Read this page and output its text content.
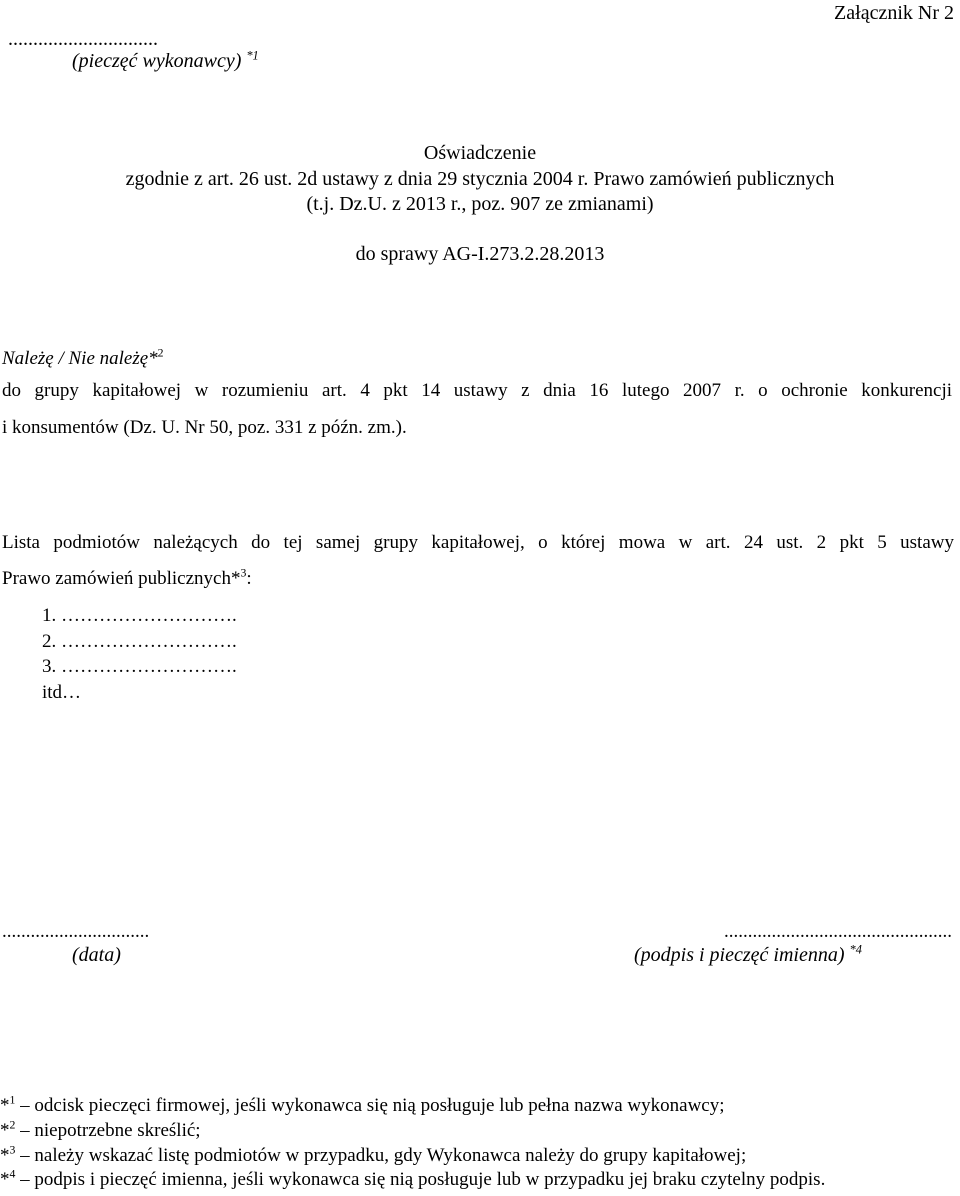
Załącznik Nr 2
..............................
(pieczęć wykonawcy) $^{*1}$
Oświadczenie
zgodnie z art. 26 ust. 2d ustawy z dnia 29 stycznia 2004 r. Prawo zamówień publicznych
(t.j. Dz.U. z 2013 r., poz. 907 ze zmianami)
do sprawy AG-I.273.2.28.2013
Należę / Nie należę*$^2$
do grupy kapitałowej w rozumieniu art. 4 pkt 14 ustawy z dnia 16 lutego 2007 r. o ochronie konkurencji
i konsumentów (Dz. U. Nr 50, poz. 331 z późn. zm.).
Lista podmiotów należących do tej samej grupy kapitałowej, o której mowa w art. 24 ust. 2 pkt 5 ustawy
Prawo zamówień publicznych*$^3$:
1. ……………………….
2. ……………………….
3. ……………………….
itd…
...............................
(data)
................................................
(podpis i pieczęć imienna) $^{*4}$
*$^1$ – odcisk pieczęci firmowej, jeśli wykonawca się nią posługuje lub pełna nazwa wykonawcy;
*$^2$ – niepotrzebne skreślić;
*$^3$ – należy wskazać listę podmiotów w przypadku, gdy Wykonawca należy do grupy kapitałowej;
*$^4$ – podpis i pieczęć imienna, jeśli wykonawca się nią posługuje lub w przypadku jej braku czytelny podpis.
